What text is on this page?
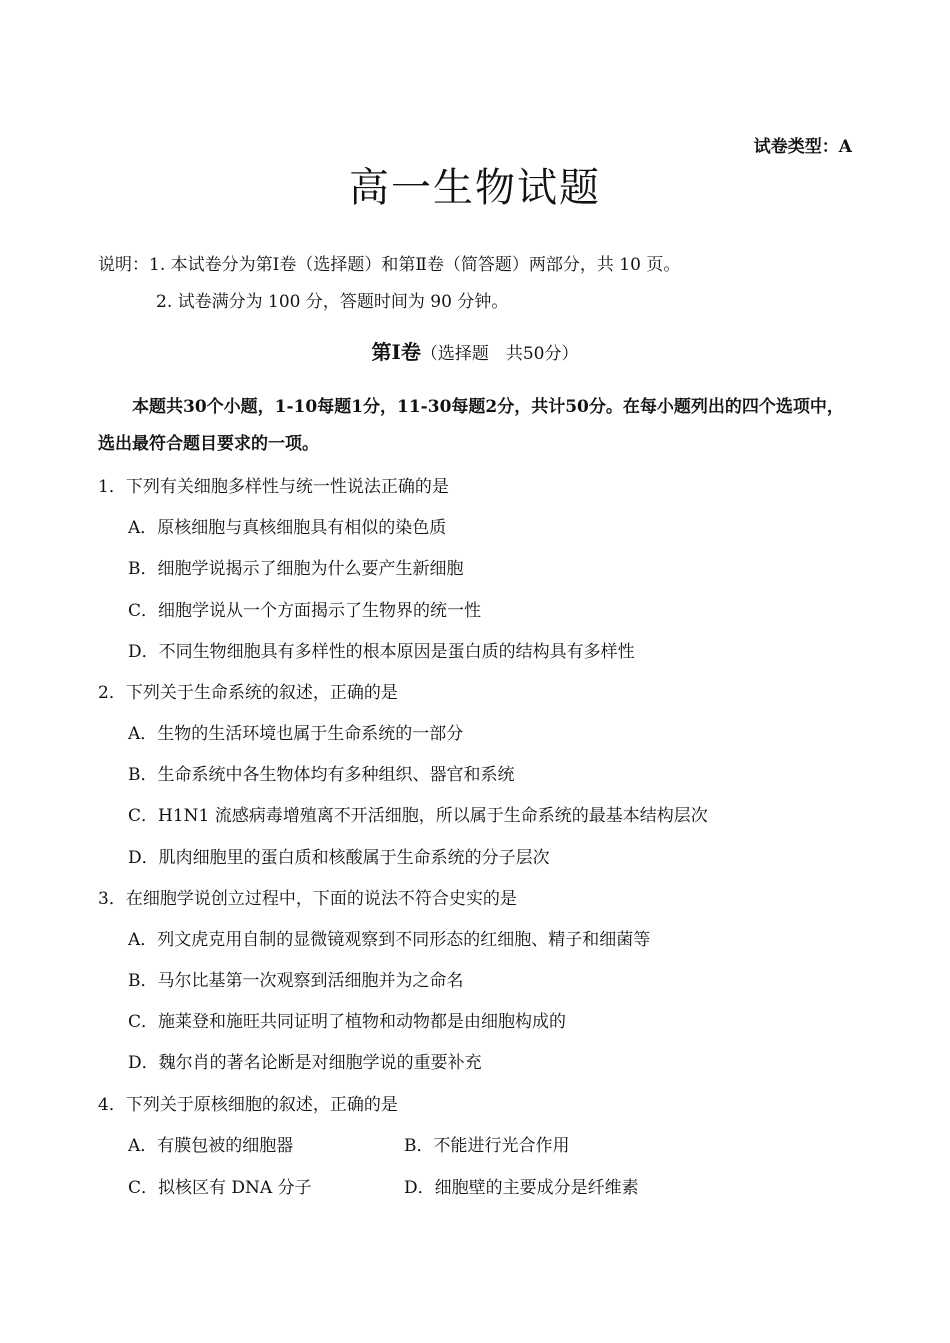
试卷类型：A
高一生物试题
说明：1. 本试卷分为第Ⅰ卷（选择题）和第Ⅱ卷（简答题）两部分，共 10 页。
2. 试卷满分为 100 分，答题时间为 90 分钟。
第Ⅰ卷（选择题　共50分）
本题共30个小题，1-10每题1分，11-30每题2分，共计50分。在每小题列出的四个选项中，
选出最符合题目要求的一项。
1．下列有关细胞多样性与统一性说法正确的是
A．原核细胞与真核细胞具有相似的染色质
B．细胞学说揭示了细胞为什么要产生新细胞
C．细胞学说从一个方面揭示了生物界的统一性
D．不同生物细胞具有多样性的根本原因是蛋白质的结构具有多样性
2．下列关于生命系统的叙述，正确的是
A．生物的生活环境也属于生命系统的一部分
B．生命系统中各生物体均有多种组织、器官和系统
C．H1N1 流感病毒增殖离不开活细胞，所以属于生命系统的最基本结构层次
D．肌肉细胞里的蛋白质和核酸属于生命系统的分子层次
3．在细胞学说创立过程中，下面的说法不符合史实的是
A．列文虎克用自制的显微镜观察到不同形态的红细胞、精子和细菌等
B．马尔比基第一次观察到活细胞并为之命名
C．施莱登和施旺共同证明了植物和动物都是由细胞构成的
D．魏尔肖的著名论断是对细胞学说的重要补充
4．下列关于原核细胞的叙述，正确的是
A．有膜包被的细胞器	B．不能进行光合作用
C．拟核区有 DNA 分子	D．细胞壁的主要成分是纤维素
